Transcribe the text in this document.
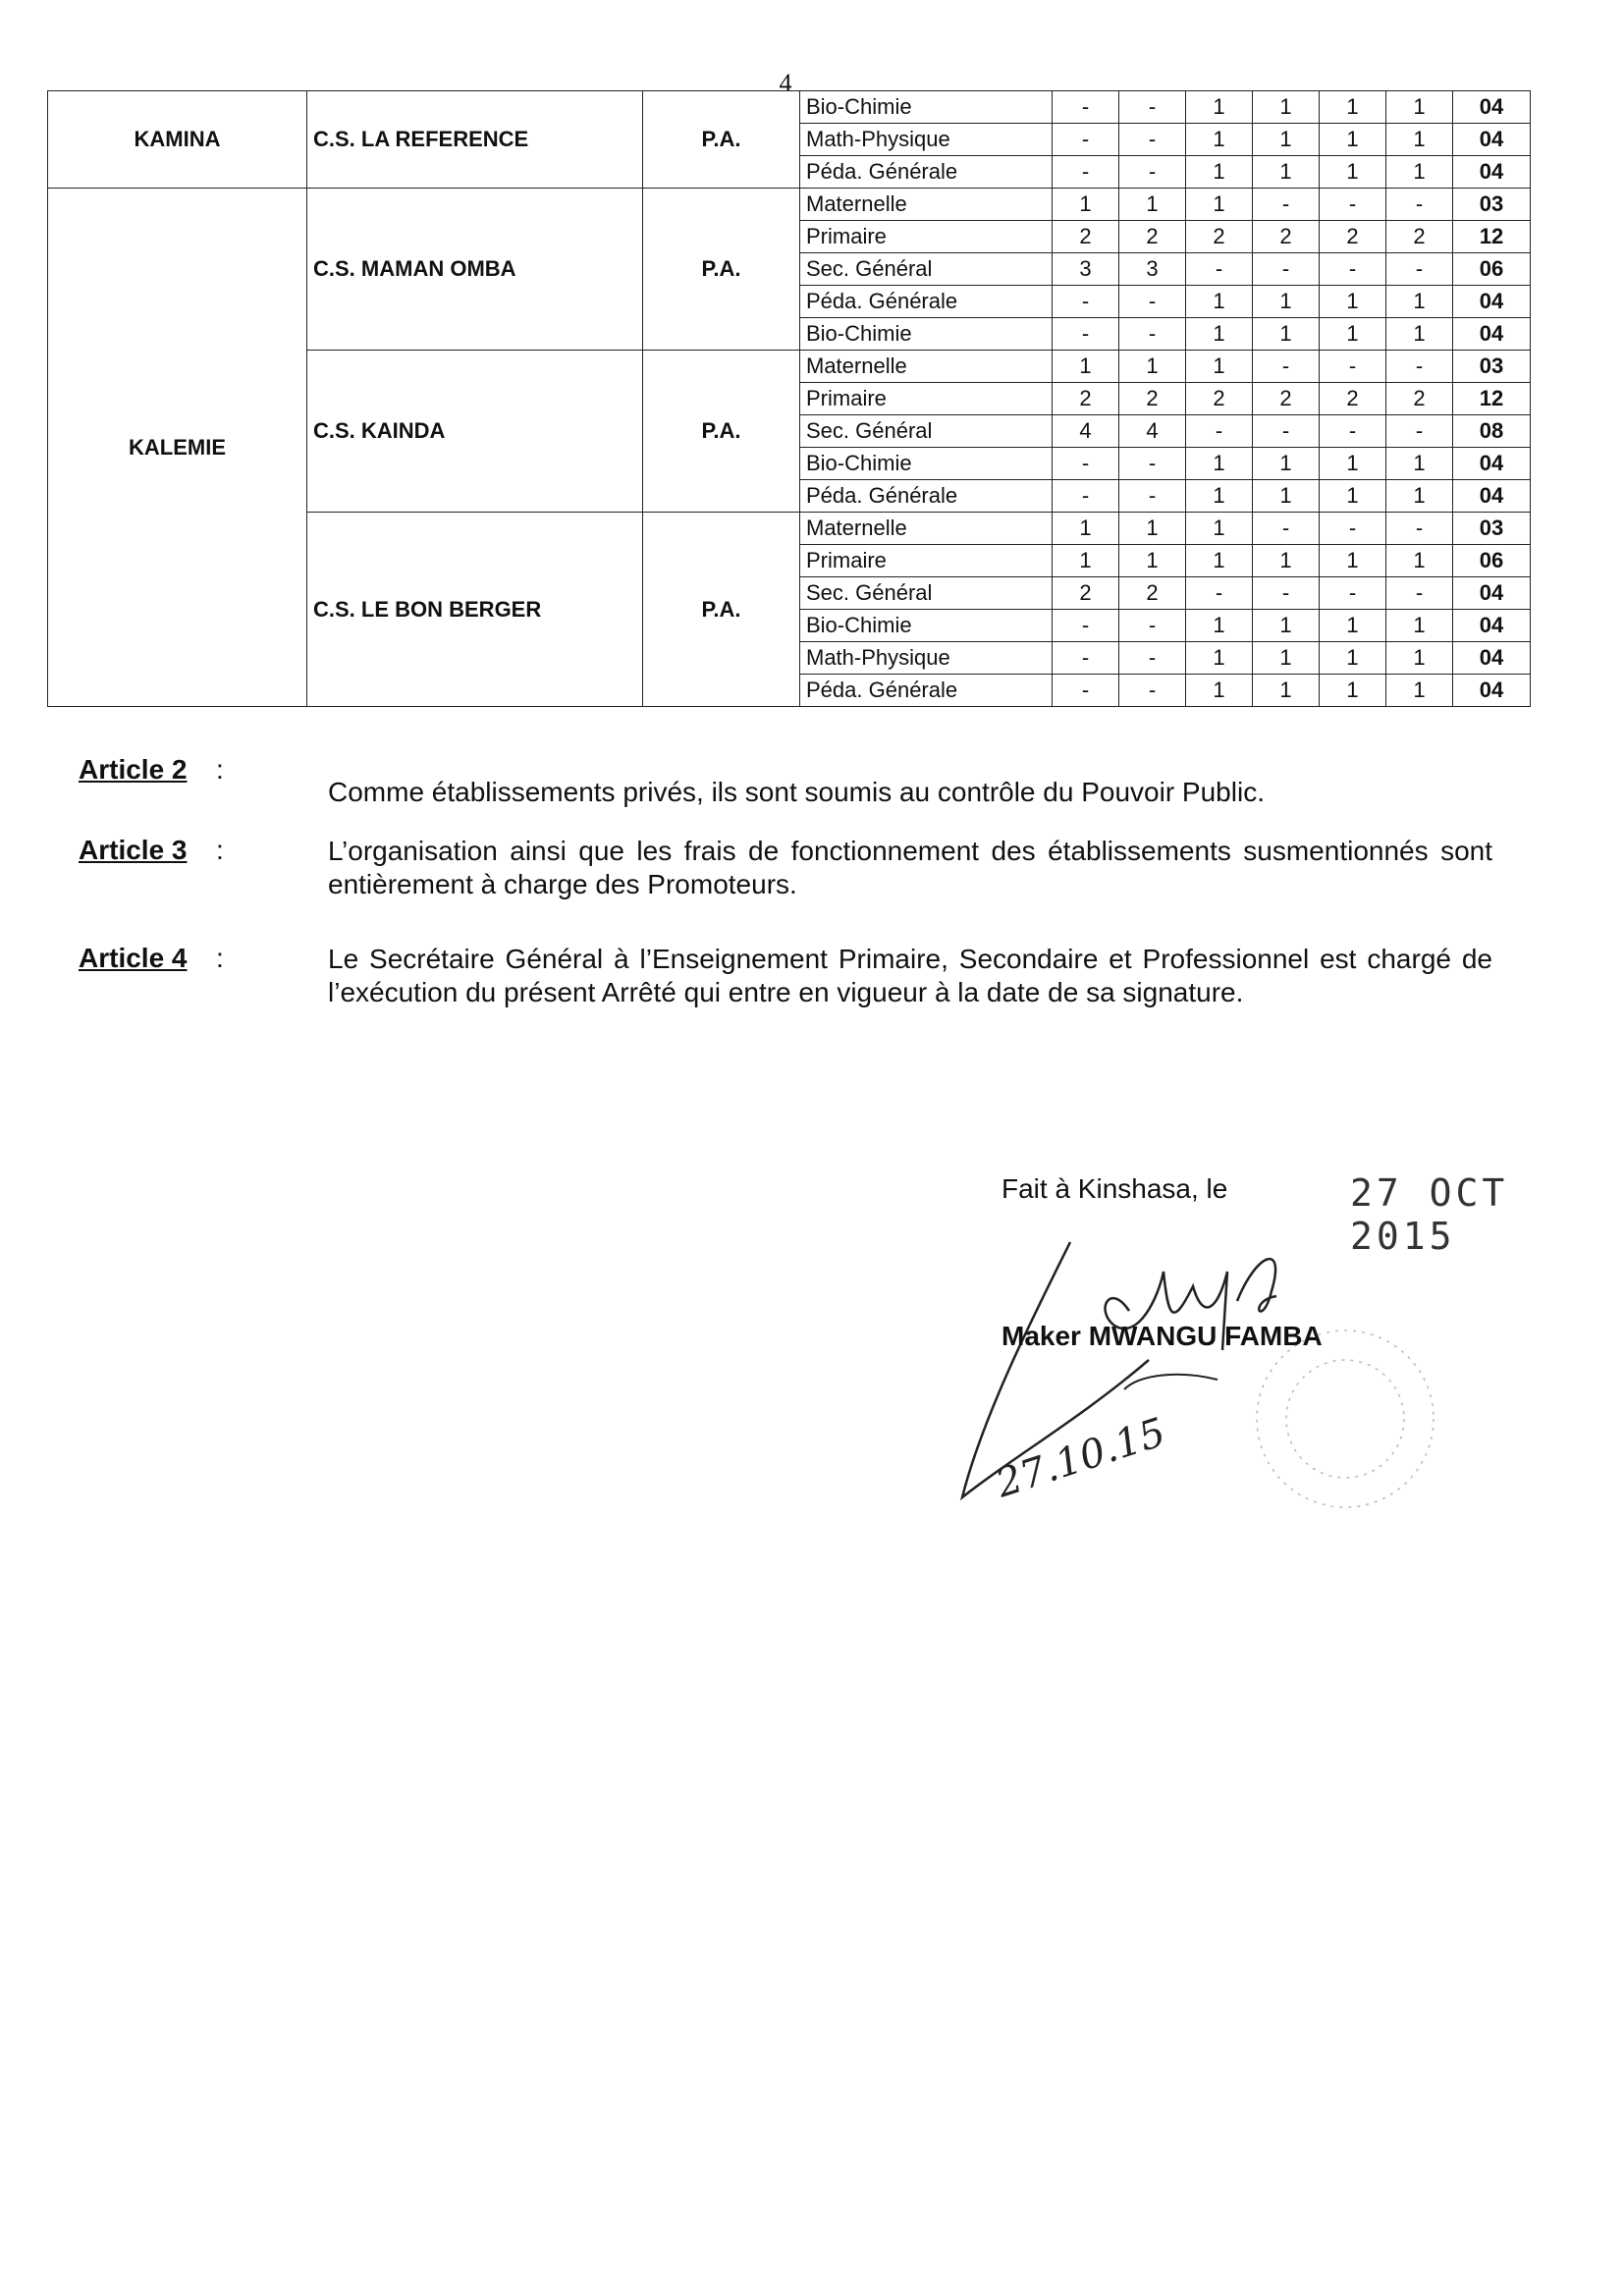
4
KAMINA	C.S. LA REFERENCE	P.A.	Bio-Chimie	-	-	1	1	1	1	04
			Math-Physique	-	-	1	1	1	1	04
			Péda. Générale	-	-	1	1	1	1	04
KALEMIE	C.S. MAMAN OMBA	P.A.	Maternelle	1	1	1	-	-	-	03
			Primaire	2	2	2	2	2	2	12
			Sec. Général	3	3	-	-	-	-	06
			Péda. Générale	-	-	1	1	1	1	04
			Bio-Chimie	-	-	1	1	1	1	04
	C.S. KAINDA	P.A.	Maternelle	1	1	1	-	-	-	03
			Primaire	2	2	2	2	2	2	12
			Sec. Général	4	4	-	-	-	-	08
			Bio-Chimie	-	-	1	1	1	1	04
			Péda. Générale	-	-	1	1	1	1	04
	C.S. LE BON BERGER	P.A.	Maternelle	1	1	1	-	-	-	03
			Primaire	1	1	1	1	1	1	06
			Sec. Général	2	2	-	-	-	-	04
			Bio-Chimie	-	-	1	1	1	1	04
			Math-Physique	-	-	1	1	1	1	04
			Péda. Générale	-	-	1	1	1	1	04
Article 2 :
Comme établissements privés, ils sont soumis au contrôle du Pouvoir Public.
Article 3 :	L’organisation ainsi que les frais de fonctionnement des établissements susmentionnés sont entièrement à charge des Promoteurs.
Article 4 :	Le Secrétaire Général à l’Enseignement Primaire, Secondaire et Professionnel est chargé de l’exécution du présent Arrêté qui entre en vigueur à la date de sa signature.
Fait à Kinshasa, le	27 OCT 2015
27.10.15
Maker MWANGU FAMBA
